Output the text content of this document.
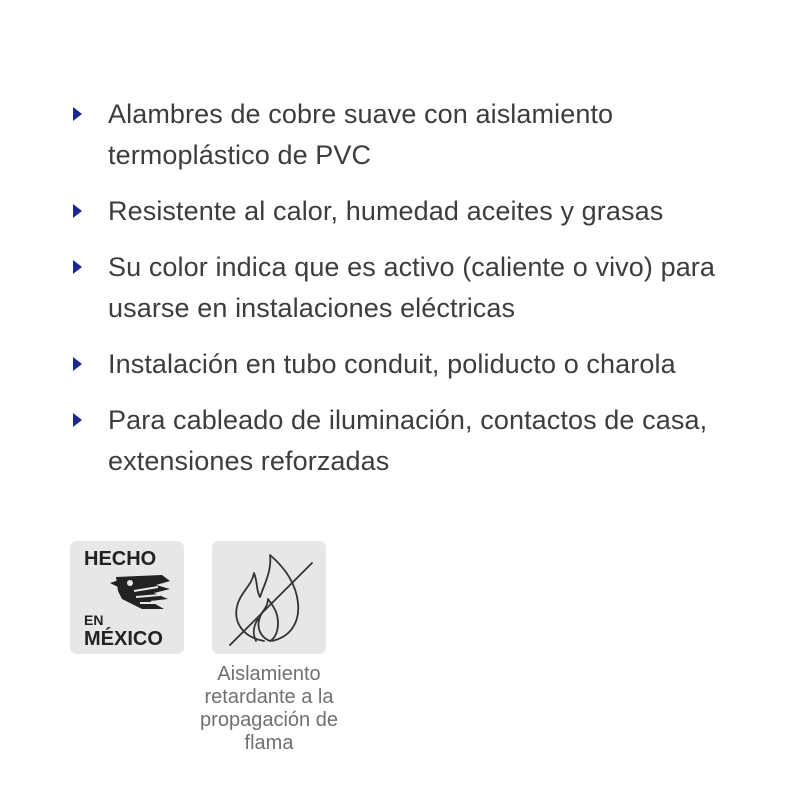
Alambres de cobre suave con aislamiento termoplástico de PVC
Resistente al calor, humedad aceites y grasas
Su color indica que es activo (caliente o vivo) para usarse en instalaciones eléctricas
Instalación en tubo conduit, poliducto o charola
Para cableado de iluminación, contactos de casa, extensiones reforzadas
HECHO
EN
MÉXICO
Aislamiento retardante a la propagación de flama
